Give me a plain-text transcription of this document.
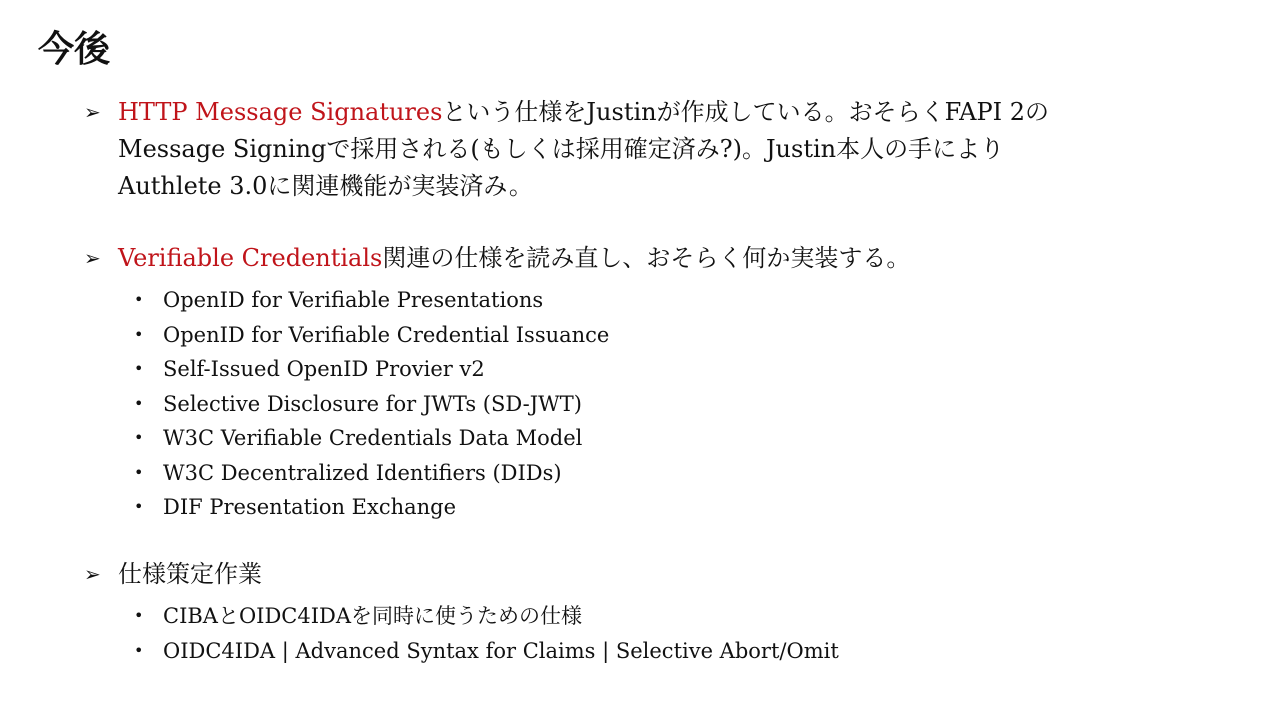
今後
➢ HTTP Message Signaturesという仕様をJustinが作成している。おそらくFAPI 2の
Message Signingで採用される(もしくは採用確定済み?)。Justin本人の手により
Authlete 3.0に関連機能が実装済み。
➢ Verifiable Credentials関連の仕様を読み直し、おそらく何か実装する。
• OpenID for Verifiable Presentations
• OpenID for Verifiable Credential Issuance
• Self-Issued OpenID Provier v2
• Selective Disclosure for JWTs (SD-JWT)
• W3C Verifiable Credentials Data Model
• W3C Decentralized Identifiers (DIDs)
• DIF Presentation Exchange
➢ 仕様策定作業
• CIBAとOIDC4IDAを同時に使うための仕様
• OIDC4IDA | Advanced Syntax for Claims | Selective Abort/Omit
